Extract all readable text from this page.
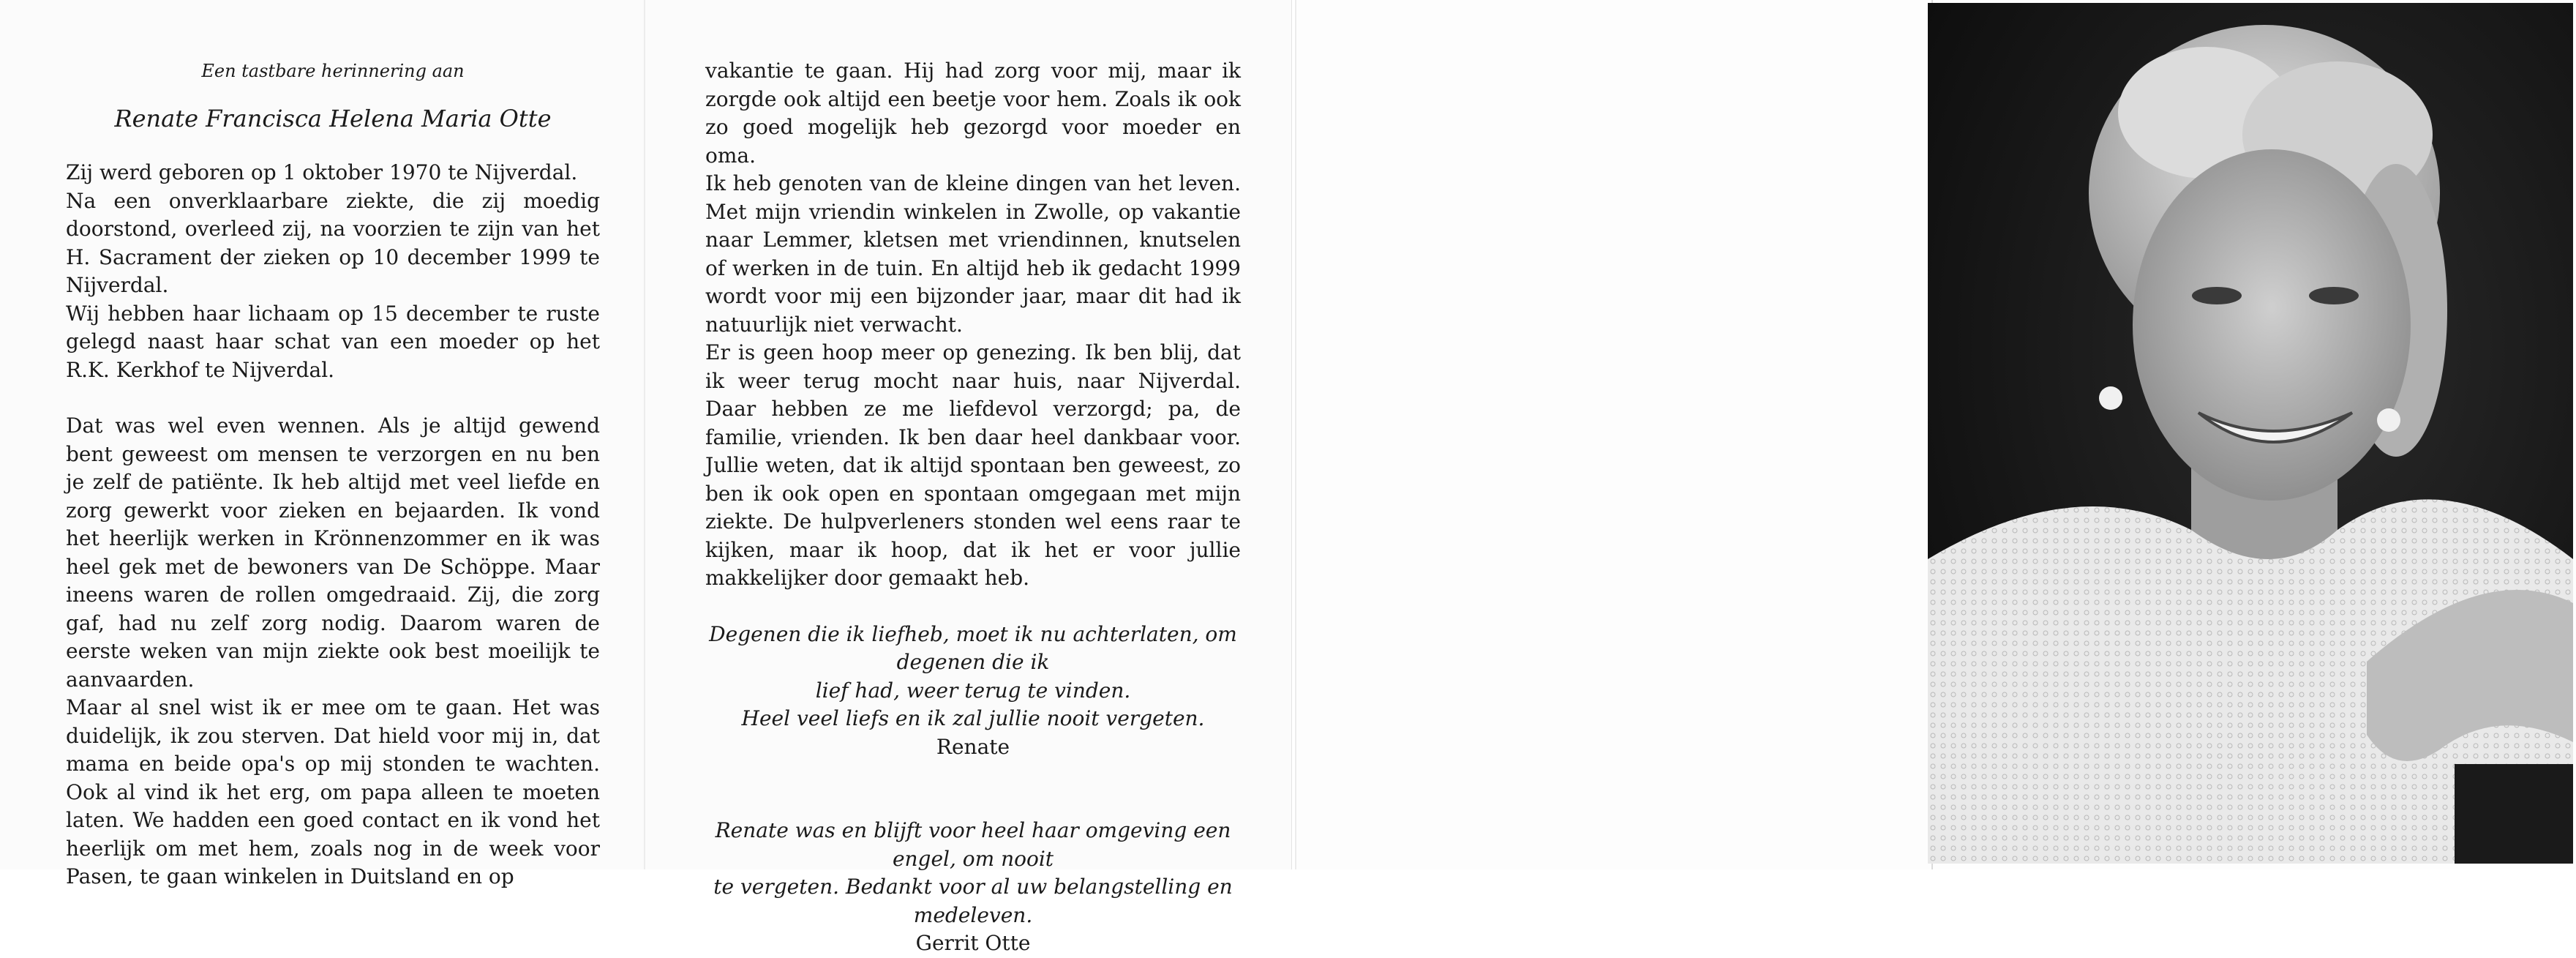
Een tastbare herinnering aan
Renate Francisca Helena Maria Otte

Zij werd geboren op 1 oktober 1970 te Nijverdal.

Na een onverklaarbare ziekte, die zij moedig doorstond, overleed zij, na voorzien te zijn van het H. Sacrament der zieken op 10 december 1999 te Nijverdal.

Wij hebben haar lichaam op 15 december te ruste gelegd naast haar schat van een moeder op het R.K. Kerkhof te Nijverdal.

Dat was wel even wennen. Als je altijd gewend bent geweest om mensen te verzorgen en nu ben je zelf de patiënte. Ik heb altijd met veel liefde en zorg gewerkt voor zieken en bejaarden. Ik vond het heerlijk werken in Krönnenzommer en ik was heel gek met de bewoners van De Schöppe. Maar ineens waren de rollen omgedraaid. Zij, die zorg gaf, had nu zelf zorg nodig. Daarom waren de eerste weken van mijn ziekte ook best moeilijk te aanvaarden.

Maar al snel wist ik er mee om te gaan. Het was duidelijk, ik zou sterven. Dat hield voor mij in, dat mama en beide opa's op mij stonden te wachten. Ook al vind ik het erg, om papa alleen te moeten laten. We hadden een goed contact en ik vond het heerlijk om met hem, zoals nog in de week voor Pasen, te gaan winkelen in Duitsland en op

vakantie te gaan. Hij had zorg voor mij, maar ik zorgde ook altijd een beetje voor hem. Zoals ik ook zo goed mogelijk heb gezorgd voor moeder en oma.

Ik heb genoten van de kleine dingen van het leven. Met mijn vriendin winkelen in Zwolle, op vakantie naar Lemmer, kletsen met vriendinnen, knutselen of werken in de tuin. En altijd heb ik gedacht 1999 wordt voor mij een bijzonder jaar, maar dit had ik natuurlijk niet verwacht.

Er is geen hoop meer op genezing. Ik ben blij, dat ik weer terug mocht naar huis, naar Nijverdal. Daar hebben ze me liefdevol verzorgd; pa, de familie, vrienden. Ik ben daar heel dankbaar voor. Jullie weten, dat ik altijd spontaan ben geweest, zo ben ik ook open en spontaan omgegaan met mijn ziekte. De hulpverleners stonden wel eens raar te kijken, maar ik hoop, dat ik het er voor jullie makkelijker door gemaakt heb.

Degenen die ik liefheb, moet ik nu achterlaten, om degenen die ik
lief had, weer terug te vinden.
Heel veel liefs en ik zal jullie nooit vergeten.
Renate
Renate was en blijft voor heel haar omgeving een engel, om nooit
te vergeten. Bedankt voor al uw belangstelling en medeleven.
Gerrit Otte
